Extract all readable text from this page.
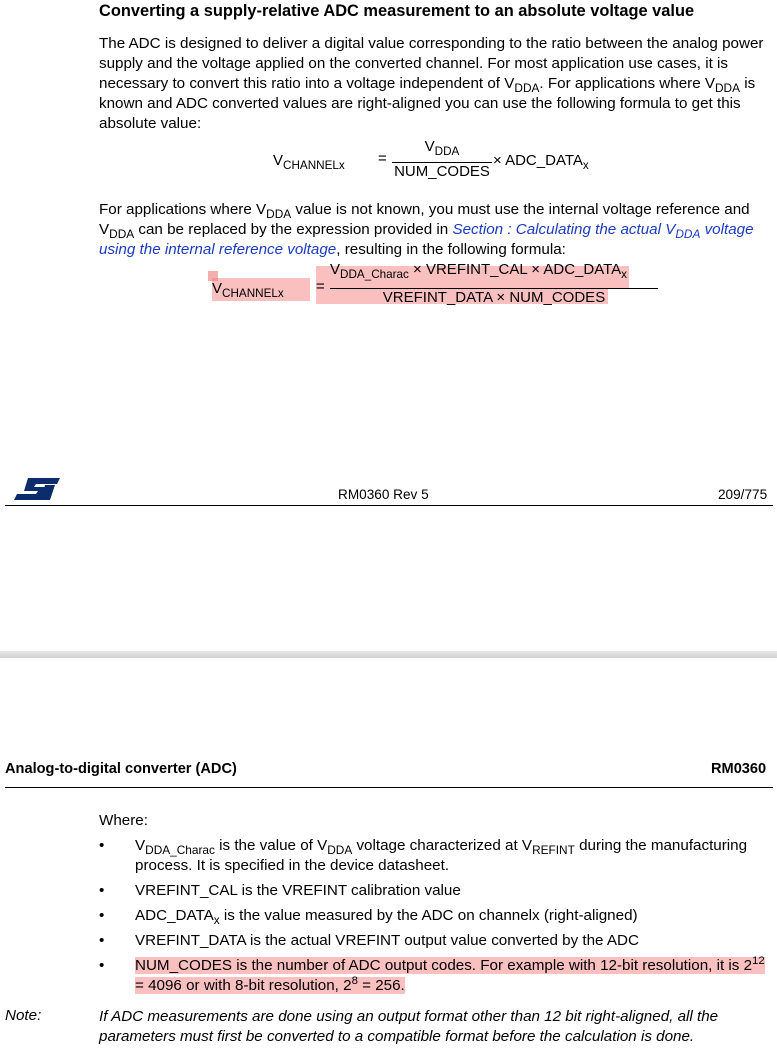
Converting a supply-relative ADC measurement to an absolute voltage value
The ADC is designed to deliver a digital value corresponding to the ratio between the analog power supply and the voltage applied on the converted channel. For most application use cases, it is necessary to convert this ratio into a voltage independent of $V_{DDA}$. For applications where $V_{DDA}$ is known and ADC converted values are right-aligned you can use the following formula to get this absolute value:
$V_{CHANNELx}$ =
$V_{DDA}$
NUM_CODES
× $ADC\_DATA_x$
For applications where $V_{DDA}$ value is not known, you must use the internal voltage reference and $V_{DDA}$ can be replaced by the expression provided in Section : Calculating the actual $V_{DDA}$ voltage using the internal reference voltage, resulting in the following formula:
$V_{CHANNELx}$ =
$V_{DDA\_Charac}$ × VREFINT_CAL × $ADC\_DATA_x$
VREFINT_DATA × NUM_CODES
RM0360 Rev 5	209/775
Analog-to-digital converter (ADC)	RM0360
Where:
• $V_{DDA\_Charac}$ is the value of $V_{DDA}$ voltage characterized at $V_{REFINT}$ during the manufacturing process. It is specified in the device datasheet.
• VREFINT_CAL is the VREFINT calibration value
• $ADC\_DATA_x$ is the value measured by the ADC on channelx (right-aligned)
• VREFINT_DATA is the actual VREFINT output value converted by the ADC
• NUM_CODES is the number of ADC output codes. For example with 12-bit resolution, it is $2^{12} = 4096$ or with 8-bit resolution, $2^8 = 256$.
Note:	If ADC measurements are done using an output format other than 12 bit right-aligned, all the parameters must first be converted to a compatible format before the calculation is done.
